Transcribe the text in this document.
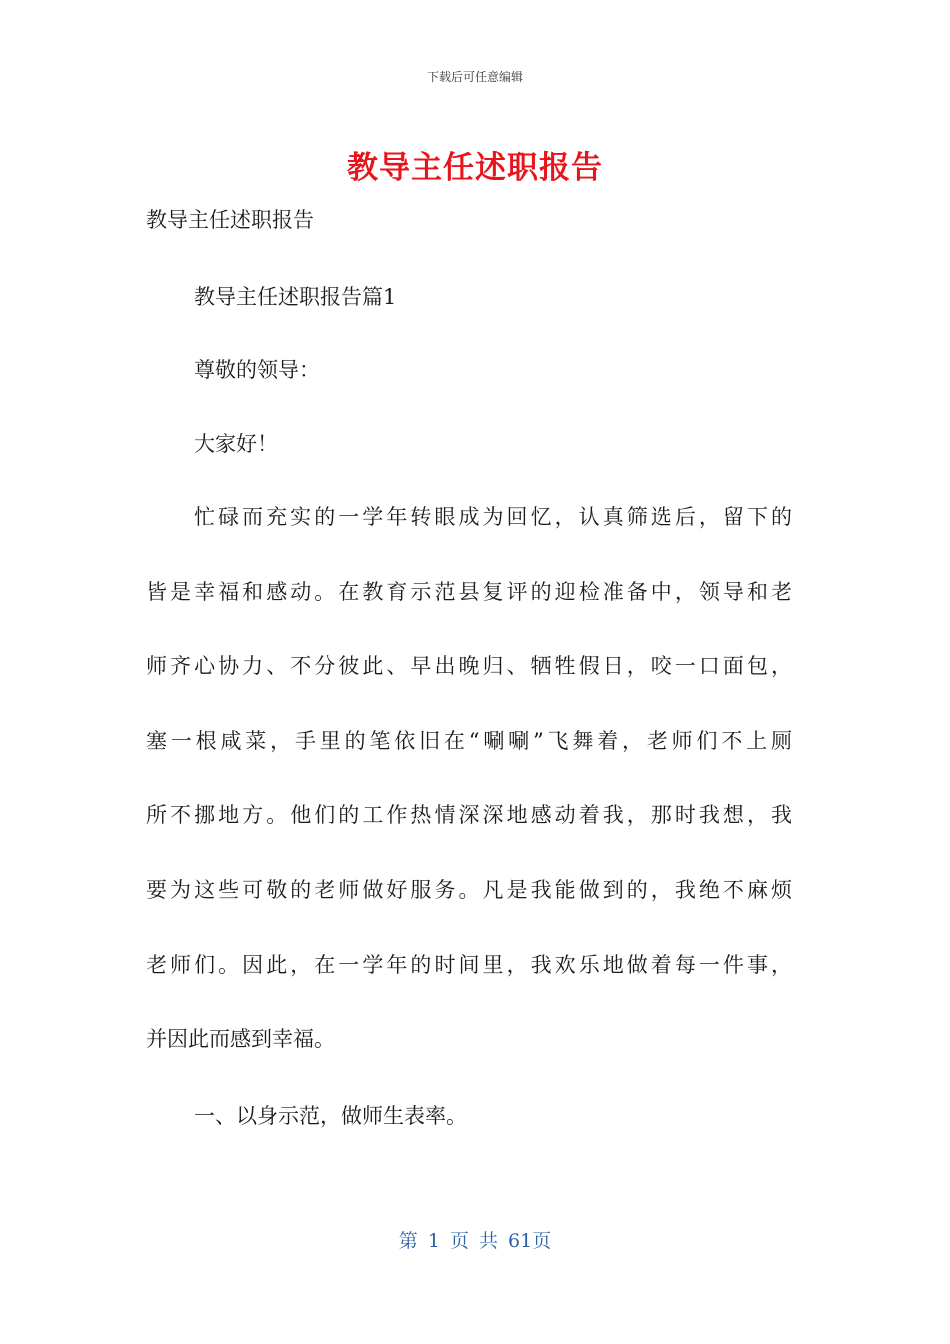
下载后可任意编辑
教导主任述职报告
教导主任述职报告
教导主任述职报告篇1
尊敬的领导：
大家好！
忙碌而充实的一学年转眼成为回忆，认真筛选后，留下的
皆是幸福和感动。在教育示范县复评的迎检准备中，领导和老
师齐心协力、不分彼此、早出晚归、牺牲假日，咬一口面包，
塞一根咸菜，手里的笔依旧在“唰唰”飞舞着，老师们不上厕
所不挪地方。他们的工作热情深深地感动着我，那时我想，我
要为这些可敬的老师做好服务。凡是我能做到的，我绝不麻烦
老师们。因此，在一学年的时间里，我欢乐地做着每一件事，
并因此而感到幸福。
一、以身示范，做师生表率。
第 1 页 共 61页
